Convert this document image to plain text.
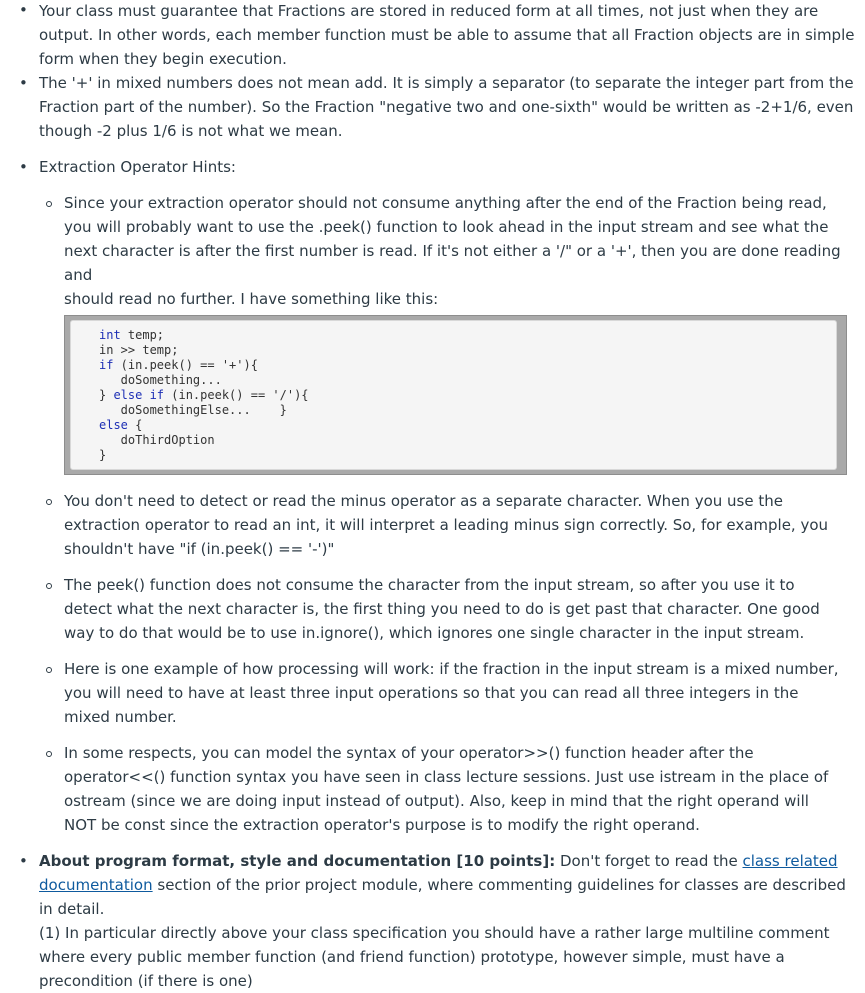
• Your class must guarantee that Fractions are stored in reduced form at all times, not just when they are output. In other words, each member function must be able to assume that all Fraction objects are in simple form when they begin execution.

• The '+' in mixed numbers does not mean add. It is simply a separator (to separate the integer part from the Fraction part of the number). So the Fraction "negative two and one-sixth" would be written as -2+1/6, even though -2 plus 1/6 is not what we mean.

• Extraction Operator Hints:

Since your extraction operator should not consume anything after the end of the Fraction being read, you will probably want to use the .peek() function to look ahead in the input stream and see what the next character is after the first number is read. If it's not either a '/" or a '+', then you are done reading and
should read no further. I have something like this:

int temp;
in >> temp;
if (in.peek() == '+'){
doSomething...
} else if (in.peek() == '/'){
doSomethingElse...    }
else {
doThirdOption
}

You don't need to detect or read the minus operator as a separate character. When you use the extraction operator to read an int, it will interpret a leading minus sign correctly. So, for example, you shouldn't have "if (in.peek() == '-')"

The peek() function does not consume the character from the input stream, so after you use it to detect what the next character is, the first thing you need to do is get past that character. One good way to do that would be to use in.ignore(), which ignores one single character in the input stream.

Here is one example of how processing will work: if the fraction in the input stream is a mixed number, you will need to have at least three input operations so that you can read all three integers in the mixed number.

In some respects, you can model the syntax of your operator>>() function header after the operator<<() function syntax you have seen in class lecture sessions. Just use istream in the place of ostream (since we are doing input instead of output). Also, keep in mind that the right operand will NOT be const since the extraction operator's purpose is to modify the right operand.

• About program format, style and documentation [10 points]: Don't forget to read the class related documentation section of the prior project module, where commenting guidelines for classes are described in detail.
(1) In particular directly above your class specification you should have a rather large multiline comment where every public member function (and friend function) prototype, however simple, must have a precondition (if there is one)
